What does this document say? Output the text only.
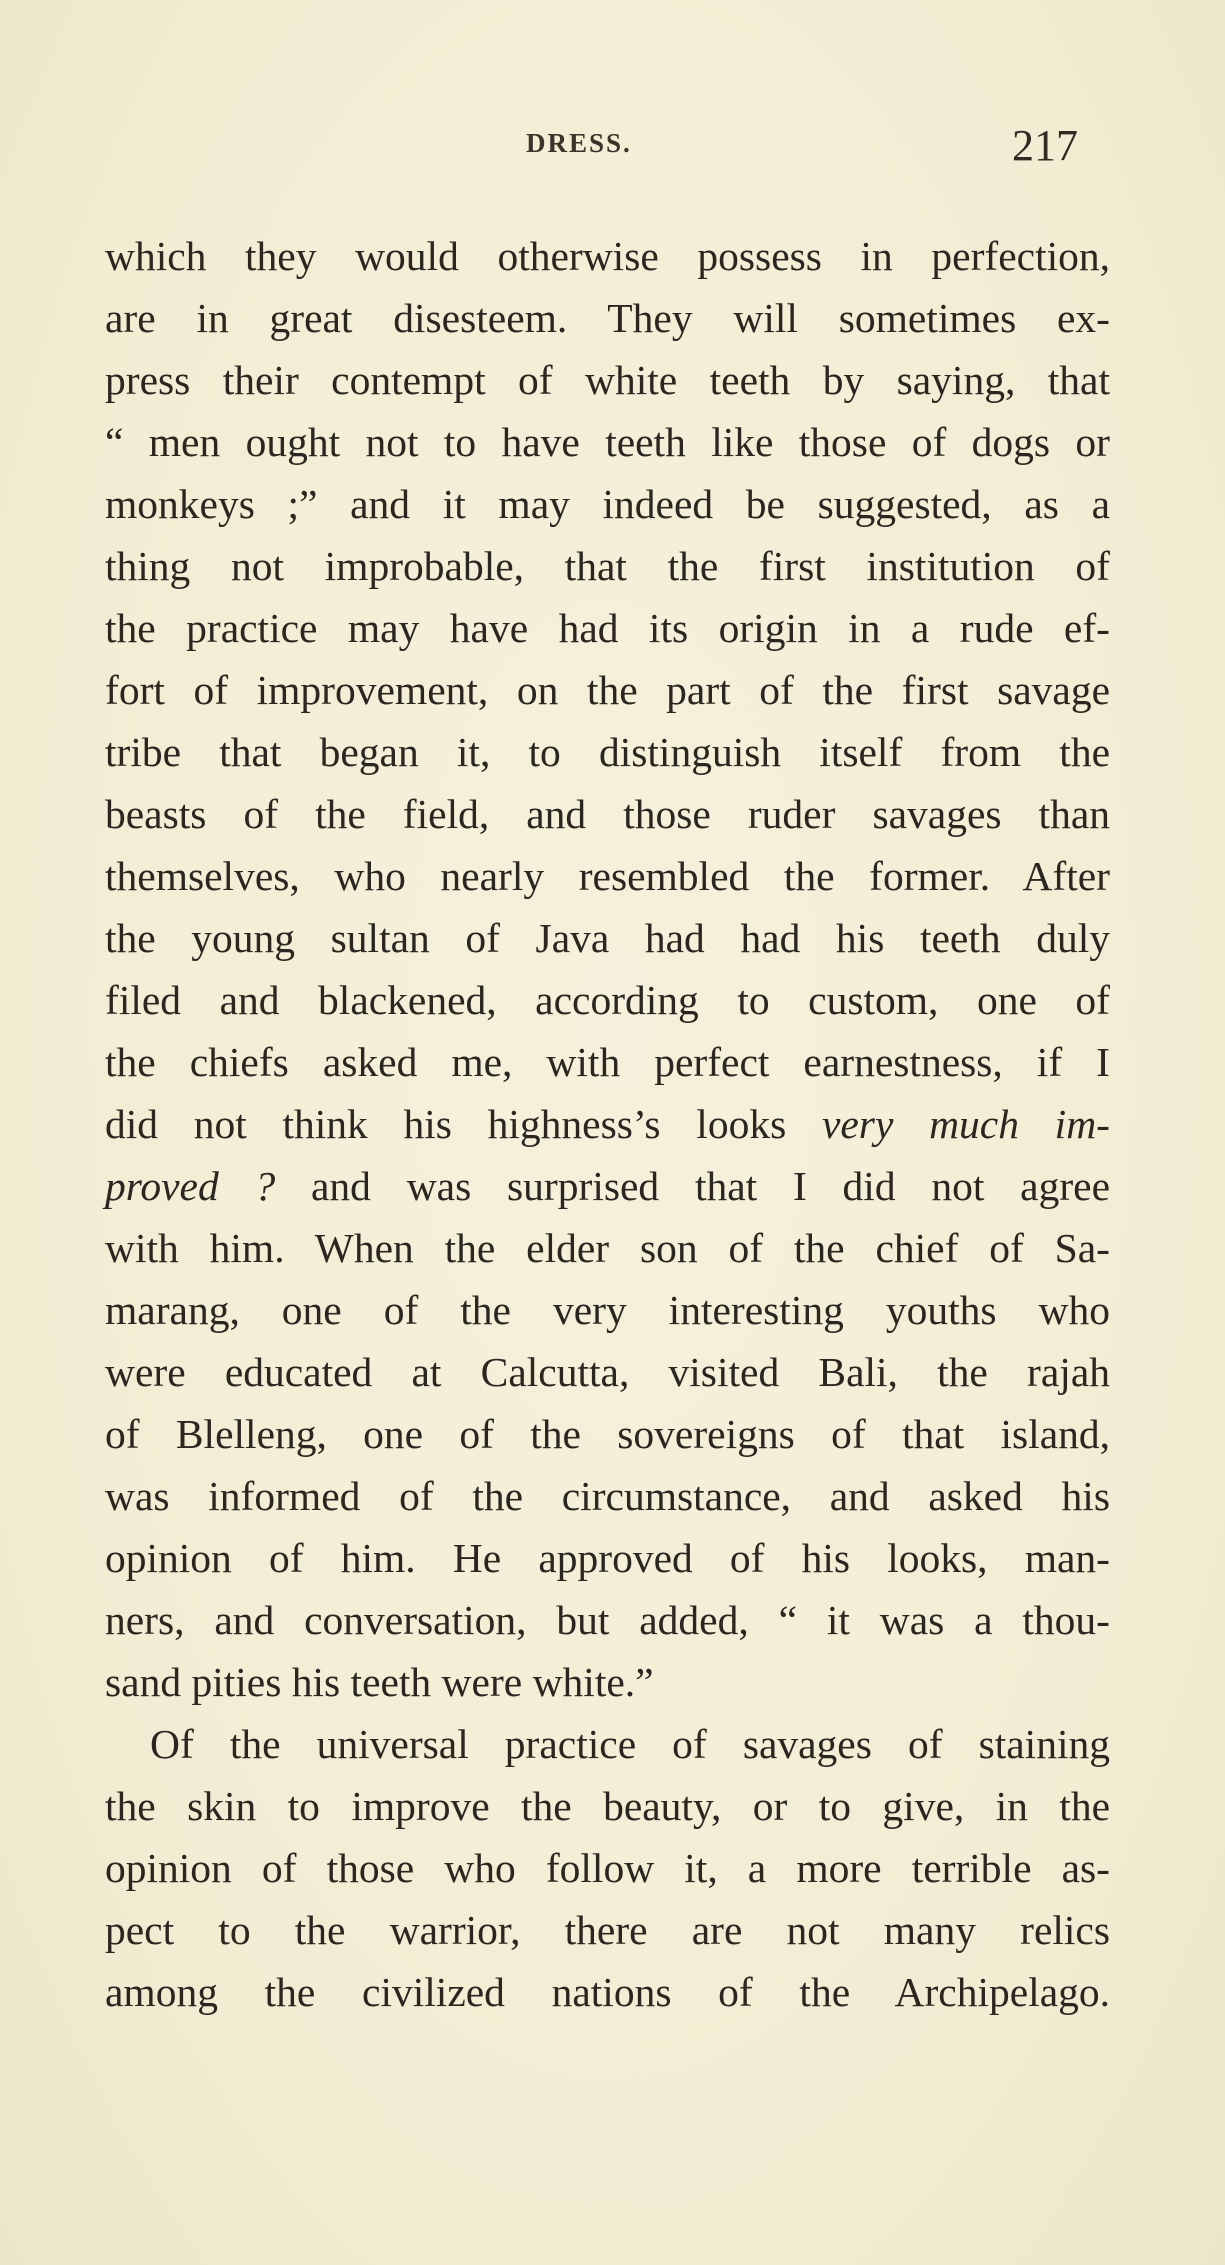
DRESS.	217
which they would otherwise possess in perfection,
are in great disesteem. They will sometimes ex-
press their contempt of white teeth by saying, that
“ men ought not to have teeth like those of dogs or
monkeys ;” and it may indeed be suggested, as a
thing not improbable, that the first institution of
the practice may have had its origin in a rude ef-
fort of improvement, on the part of the first savage
tribe that began it, to distinguish itself from the
beasts of the field, and those ruder savages than
themselves, who nearly resembled the former. After
the young sultan of Java had had his teeth duly
filed and blackened, according to custom, one of
the chiefs asked me, with perfect earnestness, if I
did not think his highness’s looks very much im-
proved ? and was surprised that I did not agree
with him. When the elder son of the chief of Sa-
marang, one of the very interesting youths who
were educated at Calcutta, visited Bali, the rajah
of Blelleng, one of the sovereigns of that island,
was informed of the circumstance, and asked his
opinion of him. He approved of his looks, man-
ners, and conversation, but added, “ it was a thou-
sand pities his teeth were white.”
Of the universal practice of savages of staining
the skin to improve the beauty, or to give, in the
opinion of those who follow it, a more terrible as-
pect to the warrior, there are not many relics
among the civilized nations of the Archipelago.
